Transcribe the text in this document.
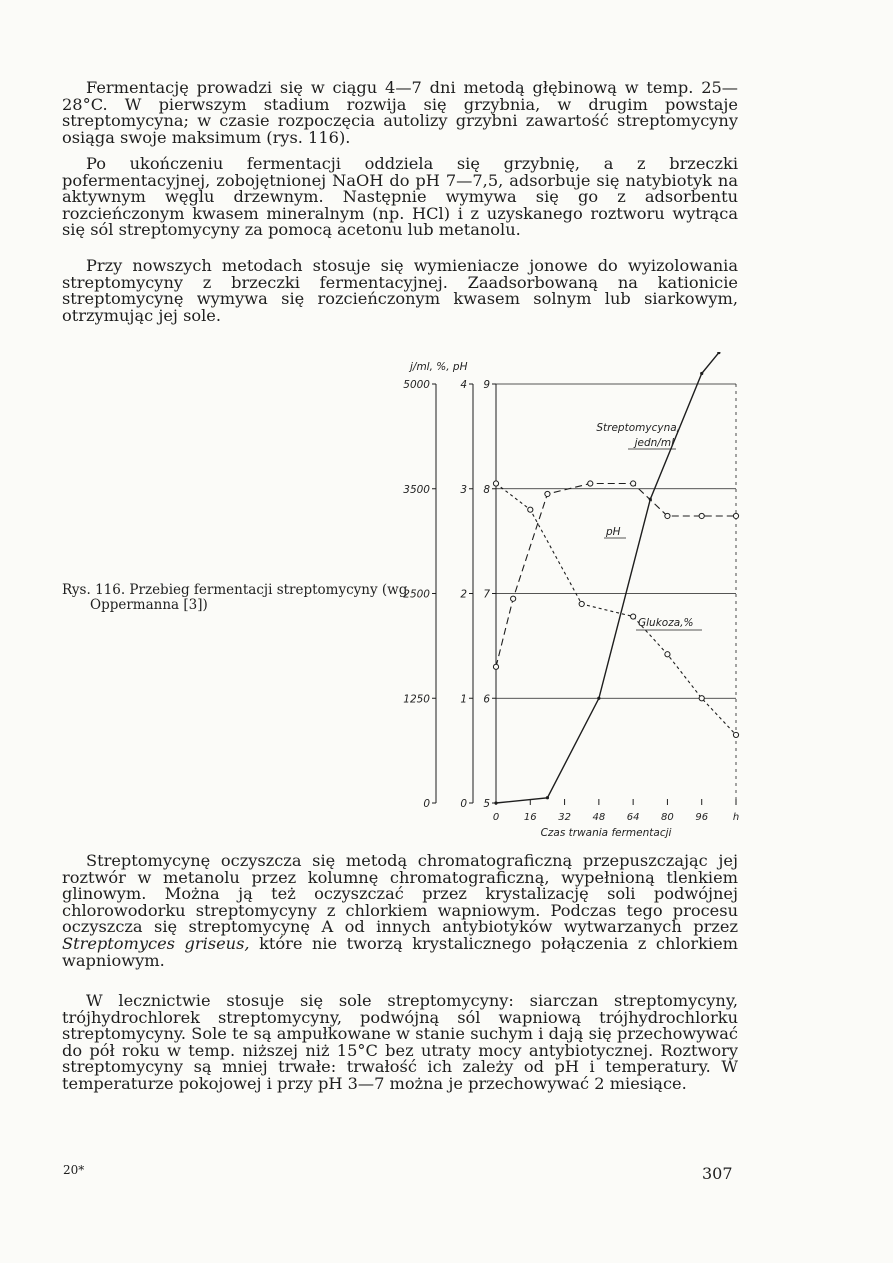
Fermentację prowadzi się w ciągu 4—7 dni metodą głębinową w temp. 25—28°C. W pierwszym stadium rozwija się grzybnia, w drugim powstaje streptomycyna; w czasie rozpoczęcia autolizy grzybni zawartość streptomycyny osiąga swoje maksimum (rys. 116).

Po ukończeniu fermentacji oddziela się grzybnię, a z brzeczki pofermentacyjnej, zobojętnionej NaOH do pH 7—7,5, adsorbuje się natybiotyk na aktywnym węglu drzewnym. Następnie wymywa się go z adsorbentu rozcieńczonym kwasem mineralnym (np. HCl) i z uzyskanego roztworu wytrąca się sól streptomycyny za pomocą acetonu lub metanolu.

Przy nowszych metodach stosuje się wymieniacze jonowe do wyizolowania streptomycyny z brzeczki fermentacyjnej. Zaadsorbowaną na kationicie streptomycynę wymywa się rozcieńczonym kwasem solnym lub siarkowym, otrzymując jej sole.

Rys. 116. Przebieg fermentacji streptomycyny (wg Oppermanna [3])

0
1250
2500
3500
5000
0
1
2
3
4
5
6
7
8
9
j/ml, %, pH
0 16 32 48 64 80 96 h
Czas trwania fermentacji
Streptomycyna,
jedn/ml
pH
Glukoza,%

Streptomycynę oczyszcza się metodą chromatograficzną przepuszczając jej roztwór w metanolu przez kolumnę chromatograficzną, wypełnioną tlenkiem glinowym. Można ją też oczyszczać przez krystalizację soli podwójnej chlorowodorku streptomycyny z chlorkiem wapniowym. Podczas tego procesu oczyszcza się streptomycynę A od innych antybiotyków wytwarzanych przez Streptomyces griseus, które nie tworzą krystalicznego połączenia z chlorkiem wapniowym.

W lecznictwie stosuje się sole streptomycyny: siarczan streptomycyny, trójhydrochlorek streptomycyny, podwójną sól wapniową trójhydrochlorku streptomycyny. Sole te są ampułkowane w stanie suchym i dają się przechowywać do pół roku w temp. niższej niż 15°C bez utraty mocy antybiotycznej. Roztwory streptomycyny są mniej trwałe: trwałość ich zależy od pH i temperatury. W temperaturze pokojowej i przy pH 3—7 można je przechowywać 2 miesiące.

20*	307
